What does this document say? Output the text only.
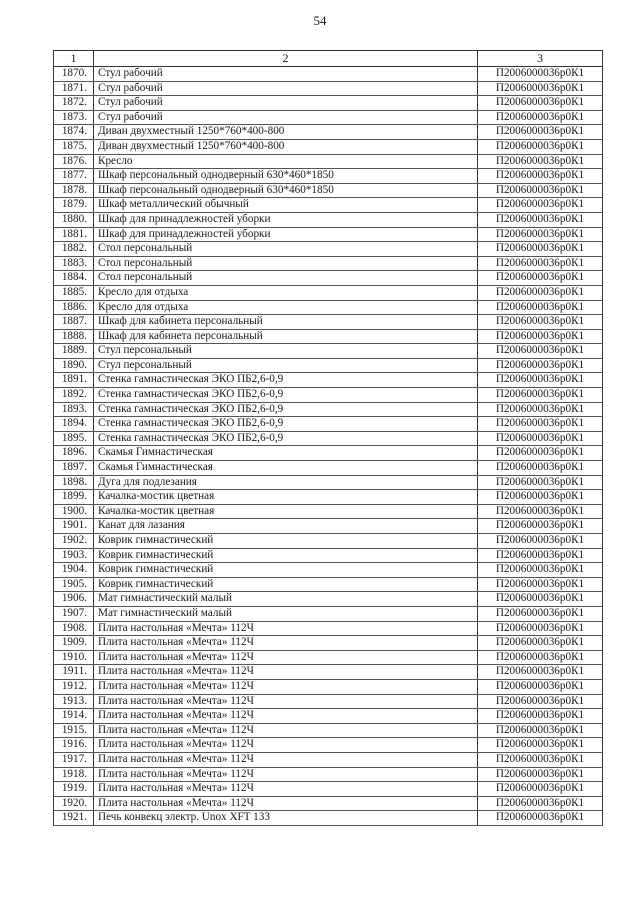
54
1	2	3
1870.	Стул рабочий	П2006000036р0К1
1871.	Стул рабочий	П2006000036р0К1
1872.	Стул рабочий	П2006000036р0К1
1873.	Стул рабочий	П2006000036р0К1
1874.	Диван двухместный 1250*760*400-800	П2006000036р0К1
1875.	Диван двухместный 1250*760*400-800	П2006000036р0К1
1876.	Кресло	П2006000036р0К1
1877.	Шкаф персональный однодверный 630*460*1850	П2006000036р0К1
1878.	Шкаф персональный однодверный 630*460*1850	П2006000036р0К1
1879.	Шкаф металлический обычный	П2006000036р0К1
1880.	Шкаф для принадлежностей уборки	П2006000036р0К1
1881.	Шкаф для принадлежностей уборки	П2006000036р0К1
1882.	Стол персональный	П2006000036р0К1
1883.	Стол персональный	П2006000036р0К1
1884.	Стол персональный	П2006000036р0К1
1885.	Кресло для отдыха	П2006000036р0К1
1886.	Кресло для отдыха	П2006000036р0К1
1887.	Шкаф для кабинета персональный	П2006000036р0К1
1888.	Шкаф для кабинета персональный	П2006000036р0К1
1889.	Стул персональный	П2006000036р0К1
1890.	Стул персональный	П2006000036р0К1
1891.	Стенка гамнастическая ЭКО ПБ2,6-0,9	П2006000036р0К1
1892.	Стенка гамнастическая ЭКО ПБ2,6-0,9	П2006000036р0К1
1893.	Стенка гамнастическая ЭКО ПБ2,6-0,9	П2006000036р0К1
1894.	Стенка гамнастическая ЭКО ПБ2,6-0,9	П2006000036р0К1
1895.	Стенка гамнастическая ЭКО ПБ2,6-0,9	П2006000036р0К1
1896.	Скамья Гимнастическая	П2006000036р0К1
1897.	Скамья Гимнастическая	П2006000036р0К1
1898.	Дуга для подлезания	П2006000036р0К1
1899.	Качалка-мостик цветная	П2006000036р0К1
1900.	Качалка-мостик цветная	П2006000036р0К1
1901.	Канат для лазания	П2006000036р0К1
1902.	Коврик гимнастический	П2006000036р0К1
1903.	Коврик гимнастический	П2006000036р0К1
1904.	Коврик гимнастический	П2006000036р0К1
1905.	Коврик гимнастический	П2006000036р0К1
1906.	Мат гимнастический малый	П2006000036р0К1
1907.	Мат гимнастический малый	П2006000036р0К1
1908.	Плита настольная «Мечта» 112Ч	П2006000036р0К1
1909.	Плита настольная «Мечта» 112Ч	П2006000036р0К1
1910.	Плита настольная «Мечта» 112Ч	П2006000036р0К1
1911.	Плита настольная «Мечта» 112Ч	П2006000036р0К1
1912.	Плита настольная «Мечта» 112Ч	П2006000036р0К1
1913.	Плита настольная «Мечта» 112Ч	П2006000036р0К1
1914.	Плита настольная «Мечта» 112Ч	П2006000036р0К1
1915.	Плита настольная «Мечта» 112Ч	П2006000036р0К1
1916.	Плита настольная «Мечта» 112Ч	П2006000036р0К1
1917.	Плита настольная «Мечта» 112Ч	П2006000036р0К1
1918.	Плита настольная «Мечта» 112Ч	П2006000036р0К1
1919.	Плита настольная «Мечта» 112Ч	П2006000036р0К1
1920.	Плита настольная «Мечта» 112Ч	П2006000036р0К1
1921.	Печь конвекц электр. Unox XFT 133	П2006000036р0К1
